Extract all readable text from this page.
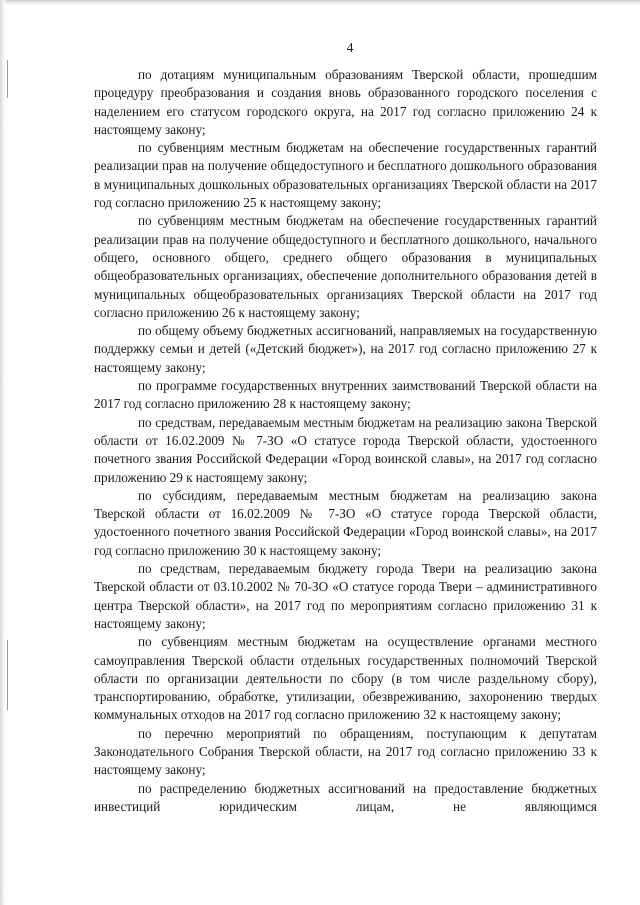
4

по дотациям муниципальным образованиям Тверской области, прошедшим процедуру преобразования и создания вновь образованного городского поселения с наделением его статусом городского округа, на 2017 год согласно приложению 24 к настоящему закону;

по субвенциям местным бюджетам на обеспечение государственных гарантий реализации прав на получение общедоступного и бесплатного дошкольного образования в муниципальных дошкольных образовательных организациях Тверской области на 2017 год согласно приложению 25 к настоящему закону;

по субвенциям местным бюджетам на обеспечение государственных гарантий реализации прав на получение общедоступного и бесплатного дошкольного, начального общего, основного общего, среднего общего образования в муниципальных общеобразовательных организациях, обеспечение дополнительного образования детей в муниципальных общеобразовательных организациях Тверской области на 2017 год согласно приложению 26 к настоящему закону;

по общему объему бюджетных ассигнований, направляемых на государственную поддержку семьи и детей («Детский бюджет»), на 2017 год согласно приложению 27 к настоящему закону;

по программе государственных внутренних заимствований Тверской области на 2017 год согласно приложению 28 к настоящему закону;

по средствам, передаваемым местным бюджетам на реализацию закона Тверской области от 16.02.2009 № 7-ЗО «О статусе города Тверской области, удостоенного почетного звания Российской Федерации «Город воинской славы», на 2017 год согласно приложению 29 к настоящему закону;

по субсидиям, передаваемым местным бюджетам на реализацию закона Тверской области от 16.02.2009 № 7-ЗО «О статусе города Тверской области, удостоенного почетного звания Российской Федерации «Город воинской славы», на 2017 год согласно приложению 30 к настоящему закону;

по средствам, передаваемым бюджету города Твери на реализацию закона Тверской области от 03.10.2002 № 70-ЗО «О статусе города Твери – административного центра Тверской области», на 2017 год по мероприятиям согласно приложению 31 к настоящему закону;

по субвенциям местным бюджетам на осуществление органами местного самоуправления Тверской области отдельных государственных полномочий Тверской области по организации деятельности по сбору (в том числе раздельному сбору), транспортированию, обработке, утилизации, обезвреживанию, захоронению твердых коммунальных отходов на 2017 год согласно приложению 32 к настоящему закону;

по перечню мероприятий по обращениям, поступающим к депутатам Законодательного Собрания Тверской области, на 2017 год согласно приложению 33 к настоящему закону;

по распределению бюджетных ассигнований на предоставление бюджетных инвестиций юридическим лицам, не являющимся
